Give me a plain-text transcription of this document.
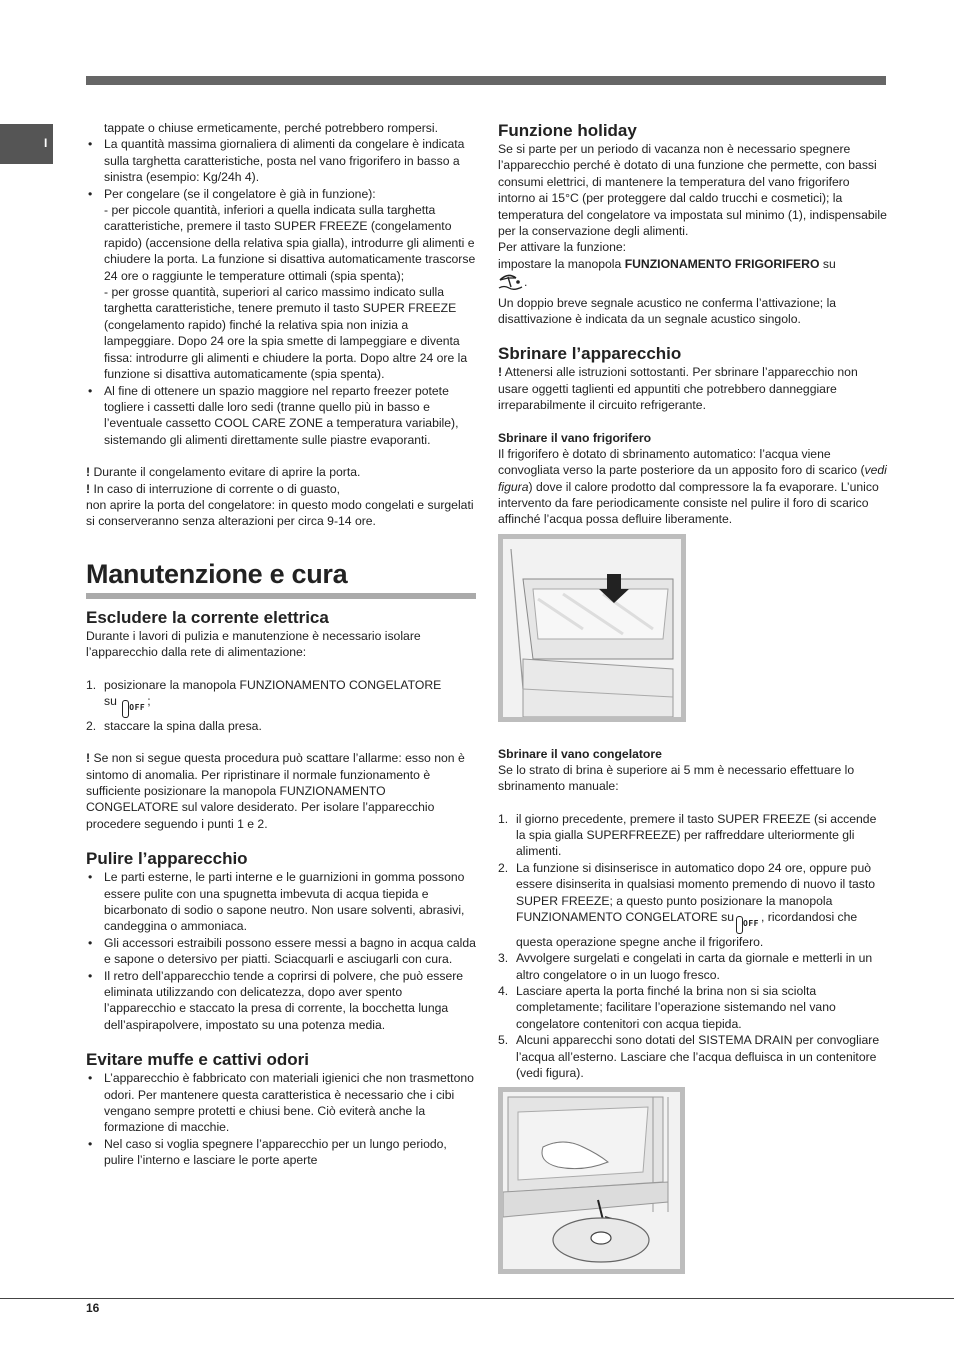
I

tappate o chiuse ermeticamente, perché potrebbero rompersi.

• La quantità massima giornaliera di alimenti da congelare è indicata sulla targhetta caratteristiche, posta nel vano frigorifero in basso a sinistra (esempio: Kg/24h 4).
• Per congelare (se il congelatore è già in funzione):
- per piccole quantità, inferiori a quella indicata sulla targhetta caratteristiche, premere il tasto SUPER FREEZE (congelamento rapido) (accensione della relativa spia gialla), introdurre gli alimenti e chiudere la porta. La funzione si disattiva automaticamente trascorse 24 ore o raggiunte le temperature ottimali (spia spenta);
- per grosse quantità, superiori al carico massimo indicato sulla targhetta caratteristiche, tenere premuto il tasto SUPER FREEZE (congelamento rapido) finché la relativa spia non inizia a lampeggiare. Dopo 24 ore la spia smette di lampeggiare e diventa fissa: introdurre gli alimenti e chiudere la porta. Dopo altre 24 ore la funzione si disattiva automaticamente (spia spenta).
• Al fine di ottenere un spazio maggiore nel reparto freezer potete togliere i cassetti dalle loro sedi (tranne quello più in basso e l’eventuale cassetto COOL CARE ZONE a temperatura variabile), sistemando gli alimenti direttamente sulle piastre evaporanti.

! Durante il congelamento evitare di aprire la porta.

! In caso di interruzione di corrente o di guasto,

non aprire la porta del congelatore: in questo modo congelati e surgelati si conserveranno senza alterazioni per circa 9-14 ore.

Manutenzione e cura
Escludere la corrente elettrica

Durante i lavori di pulizia e manutenzione è necessario isolare l’apparecchio dalla rete di alimentazione:

1. posizionare la manopola FUNZIONAMENTO CONGELATORE
su $^{OFF}$ ;
2. staccare la spina dalla presa.

! Se non si segue questa procedura può scattare l’allarme: esso non è sintomo di anomalia. Per ripristinare il normale funzionamento è sufficiente posizionare la manopola FUNZIONAMENTO CONGELATORE sul valore desiderato. Per isolare l’apparecchio procedere seguendo i punti 1 e 2.

Pulire l’apparecchio
• Le parti esterne, le parti interne e le guarnizioni in gomma possono essere pulite con una spugnetta imbevuta di acqua tiepida e bicarbonato di sodio o sapone neutro. Non usare solventi, abrasivi, candeggina o ammoniaca.
• Gli accessori estraibili possono essere messi a bagno in acqua calda e sapone o detersivo per piatti. Sciacquarli e asciugarli con cura.
• Il retro dell’apparecchio tende a coprirsi di polvere, che può essere eliminata utilizzando con delicatezza, dopo aver spento l’apparecchio e staccato la presa di corrente, la bocchetta lunga dell’aspirapolvere, impostato su una potenza media.
Evitare muffe e cattivi odori
• L’apparecchio è fabbricato con materiali igienici che non trasmettono odori. Per mantenere questa caratteristica è necessario che i cibi vengano sempre protetti e chiusi bene. Ciò eviterà anche la formazione di macchie.
• Nel caso si voglia spegnere l’apparecchio per un lungo periodo, pulire l’interno e lasciare le porte aperte
Funzione holiday

Se si parte per un periodo di vacanza non è necessario spegnere l’apparecchio perché è dotato di una funzione che permette, con bassi consumi elettrici, di mantenere la temperatura del vano frigorifero intorno ai 15°C (per proteggere dal caldo trucchi e cosmetici); la temperatura del congelatore va impostata sul minimo (1), indispensabile per la conservazione degli alimenti.

Per attivare la funzione:

impostare la manopola FUNZIONAMENTO FRIGORIFERO su

.

Un doppio breve segnale acustico ne conferma l’attivazione; la disattivazione è indicata da un segnale acustico singolo.

Sbrinare l’apparecchio

! Attenersi alle istruzioni sottostanti. Per sbrinare l’apparecchio non usare oggetti taglienti ed appuntiti che potrebbero danneggiare irreparabilmente il circuito refrigerante.

Sbrinare il vano frigorifero

Il frigorifero è dotato di sbrinamento automatico: l’acqua viene convogliata verso la parte posteriore da un apposito foro di scarico (vedi figura) dove il calore prodotto dal compressore la fa evaporare. L’unico intervento da fare periodicamente consiste nel pulire il foro di scarico affinché l’acqua possa defluire liberamente.

Sbrinare il vano congelatore

Se lo strato di brina è superiore ai 5 mm è necessario effettuare lo sbrinamento manuale:

1. il giorno precedente, premere il tasto SUPER FREEZE (si accende la spia gialla SUPERFREEZE) per raffreddare ulteriormente gli alimenti.
2. La funzione si disinserisce in automatico dopo 24 ore, oppure può essere disinserita in qualsiasi momento premendo di nuovo il tasto SUPER FREEZE; a questo punto posizionare la manopola FUNZIONAMENTO CONGELATORE su $^{OFF}$ , ricordandosi che questa operazione spegne anche il frigorifero.
3. Avvolgere surgelati e congelati in carta da giornale e metterli in un altro congelatore o in un luogo fresco.
4. Lasciare aperta la porta finché la brina non si sia sciolta completamente; facilitare l’operazione sistemando nel vano congelatore contenitori con acqua tiepida.
5. Alcuni apparecchi sono dotati del SISTEMA DRAIN per convogliare l’acqua all’esterno. Lasciare che l’acqua defluisca in un contenitore (vedi figura).
16
